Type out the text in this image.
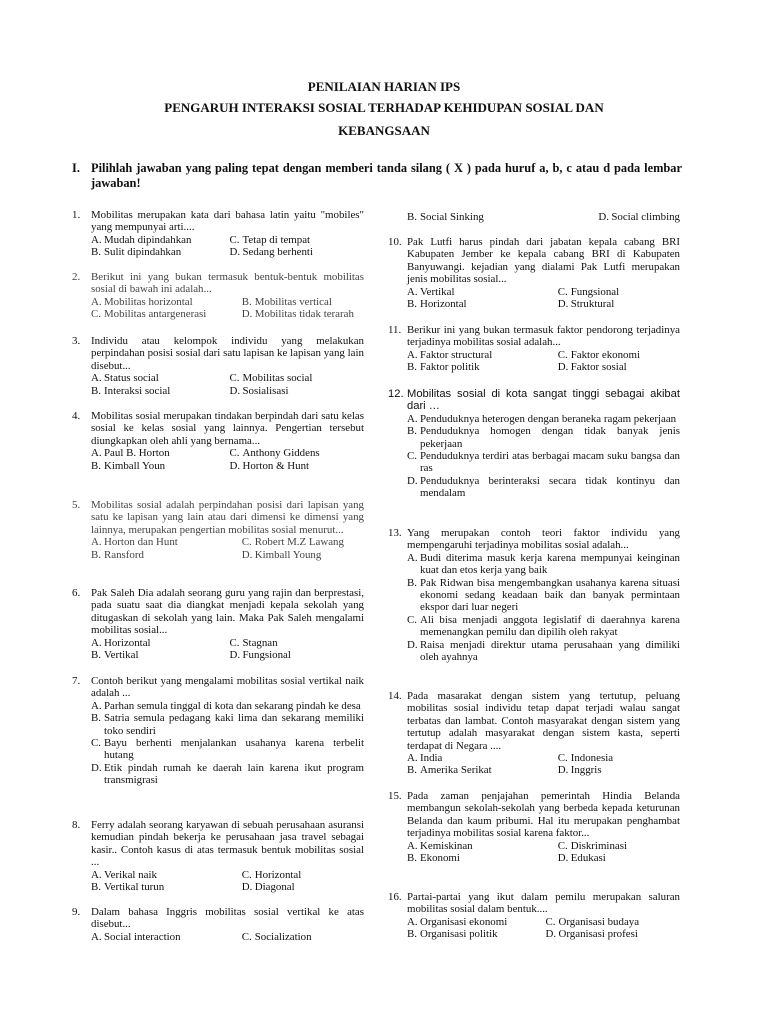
PENILAIAN HARIAN IPS
PENGARUH INTERAKSI SOSIAL TERHADAP KEHIDUPAN SOSIAL DAN
KEBANGSAAN
I. Pilihlah jawaban yang paling tepat dengan memberi tanda silang ( X ) pada huruf a, b, c atau d pada lembar jawaban!
1. Mobilitas merupakan kata dari bahasa latin yaitu "mobiles" yang mempunyai arti....
A. Mudah dipindahkan	C. Tetap di tempat
B. Sulit dipindahkan	D. Sedang berhenti
2. Berikut ini yang bukan termasuk bentuk-bentuk mobilitas sosial di bawah ini adalah...
A. Mobilitas horizontal	B. Mobilitas vertical
C. Mobilitas antargenerasi	D. Mobilitas tidak terarah
3. Individu atau kelompok individu yang melakukan perpindahan posisi sosial dari satu lapisan ke lapisan yang lain disebut...
A. Status social	C. Mobilitas social
B. Interaksi social	D. Sosialisasi
4. Mobilitas sosial merupakan tindakan berpindah dari satu kelas sosial ke kelas sosial yang lainnya. Pengertian tersebut diungkapkan oleh ahli yang bernama...
A. Paul B. Horton	C. Anthony Giddens
B. Kimball Youn	D. Horton & Hunt
5. Mobilitas sosial adalah perpindahan posisi dari lapisan yang satu ke lapisan yang lain atau dari dimensi ke dimensi yang lainnya, merupakan pengertian mobilitas sosial menurut...
A. Horton dan Hunt	C. Robert M.Z Lawang
B. Ransford	D. Kimball Young
6. Pak Saleh Dia adalah seorang guru yang rajin dan berprestasi, pada suatu saat dia diangkat menjadi kepala sekolah yang ditugaskan di sekolah yang lain. Maka Pak Saleh mengalami mobilitas sosial...
A. Horizontal	C. Stagnan
B. Vertikal	D. Fungsional
7. Contoh berikut yang mengalami mobilitas sosial vertikal naik adalah ...
A. Parhan semula tinggal di kota dan sekarang pindah ke desa
B. Satria semula pedagang kaki lima dan sekarang memiliki toko sendiri
C. Bayu berhenti menjalankan usahanya karena terbelit hutang
D. Etik pindah rumah ke daerah lain karena ikut program transmigrasi
8. Ferry adalah seorang karyawan di sebuah perusahaan asuransi kemudian pindah bekerja ke perusahaan jasa travel sebagai kasir.. Contoh kasus di atas termasuk bentuk mobilitas sosial ...
A. Verikal naik	C. Horizontal
B. Vertikal turun	D. Diagonal
9. Dalam bahasa Inggris mobilitas sosial vertikal ke atas disebut...
A. Social interaction	C. Socialization
B. Social Sinking	D. Social climbing
10. Pak Lutfi harus pindah dari jabatan kepala cabang BRI Kabupaten Jember ke kepala cabang BRI di Kabupaten Banyuwangi. kejadian yang dialami Pak Lutfi merupakan jenis mobilitas sosial...
A. Vertikal	C. Fungsional
B. Horizontal	D. Struktural
11. Berikur ini yang bukan termasuk faktor pendorong terjadinya terjadinya mobilitas sosial adalah...
A. Faktor structural	C. Faktor ekonomi
B. Faktor politik	D. Faktor sosial
12. Mobilitas sosial di kota sangat tinggi sebagai akibat dari …
A. Penduduknya heterogen dengan beraneka ragam pekerjaan
B. Penduduknya homogen dengan tidak banyak jenis pekerjaan
C. Penduduknya terdiri atas berbagai macam suku bangsa dan ras
D. Penduduknya berinteraksi secara tidak kontinyu dan mendalam
13. Yang merupakan contoh teori faktor individu yang mempengaruhi terjadinya mobilitas sosial adalah...
A. Budi diterima masuk kerja karena mempunyai keinginan kuat dan etos kerja yang baik
B. Pak Ridwan bisa mengembangkan usahanya karena situasi ekonomi sedang keadaan baik dan banyak permintaan ekspor dari luar negeri
C. Ali bisa menjadi anggota legislatif di daerahnya karena memenangkan pemilu dan dipilih oleh rakyat
D. Raisa menjadi direktur utama perusahaan yang dimiliki oleh ayahnya
14. Pada masarakat dengan sistem yang tertutup, peluang mobilitas sosial individu tetap dapat terjadi walau sangat terbatas dan lambat. Contoh masyarakat dengan sistem yang tertutup adalah masyarakat dengan sistem kasta, seperti terdapat di Negara ....
A. India	C. Indonesia
B. Amerika Serikat	D. Inggris
15. Pada zaman penjajahan pemerintah Hindia Belanda membangun sekolah-sekolah yang berbeda kepada keturunan Belanda dan kaum pribumi. Hal itu merupakan penghambat terjadinya mobilitas sosial karena faktor...
A. Kemiskinan	C. Diskriminasi
B. Ekonomi	D. Edukasi
16. Partai-partai yang ikut dalam pemilu merupakan saluran mobilitas sosial dalam bentuk....
A. Organisasi ekonomi	C. Organisasi budaya
B. Organisasi politik	D. Organisasi profesi
